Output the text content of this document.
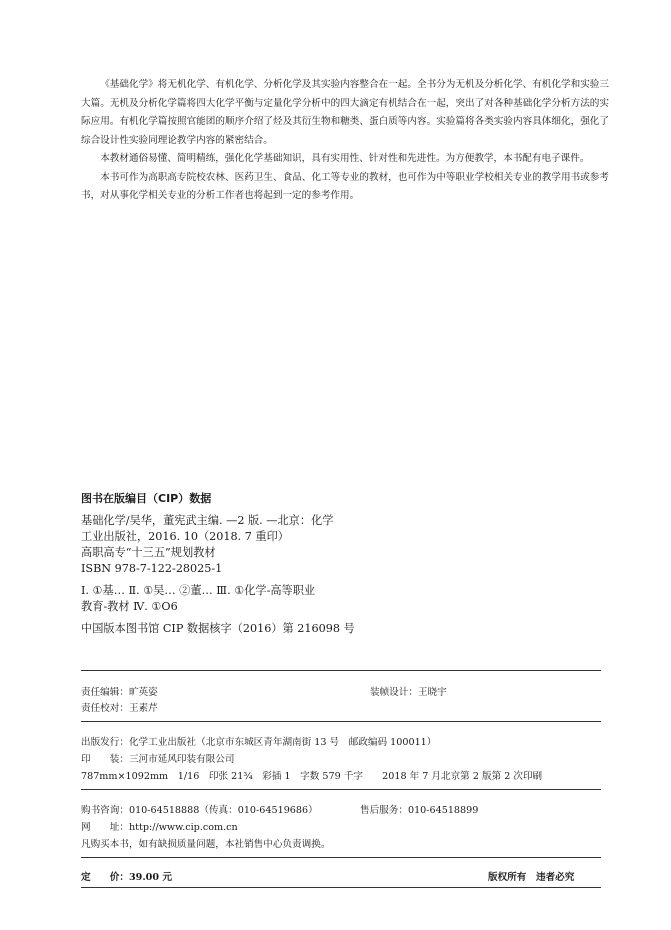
《基础化学》将无机化学、有机化学、分析化学及其实验内容整合在一起。全书分为无机及分析化学、有机化学和实验三大篇。无机及分析化学篇将四大化学平衡与定量化学分析中的四大滴定有机结合在一起，突出了对各种基础化学分析方法的实际应用。有机化学篇按照官能团的顺序介绍了烃及其衍生物和糖类、蛋白质等内容。实验篇将各类实验内容具体细化，强化了综合设计性实验同理论教学内容的紧密结合。

本教材通俗易懂、简明精练，强化化学基础知识，具有实用性、针对性和先进性。为方便教学，本书配有电子课件。

本书可作为高职高专院校农林、医药卫生、食品、化工等专业的教材，也可作为中等职业学校相关专业的教学用书或参考书，对从事化学相关专业的分析工作者也将起到一定的参考作用。

图书在版编目（CIP）数据
基础化学/吴华，董宪武主编. —2 版. —北京：化学
工业出版社，2016. 10（2018. 7 重印）
高职高专“十三五”规划教材
ISBN 978-7-122-28025-1
Ⅰ. ①基… Ⅱ. ①吴… ②董… Ⅲ. ①化学-高等职业
教育-教材 Ⅳ. ①O6
中国版本图书馆 CIP 数据核字（2016）第 216098 号
责任编辑：旷英姿	装帧设计：王晓宇
责任校对：王素芹
出版发行：化学工业出版社（北京市东城区青年湖南街 13 号　邮政编码 100011）
印　　装：三河市延风印装有限公司
787mm×1092mm　1/16　印张 21¾　彩插 1　字数 579 千字　　2018 年 7 月北京第 2 版第 2 次印刷
购书咨询：010-64518888（传真：010-64519686）	售后服务：010-64518899
网　　址：http://www.cip.com.cn
凡购买本书，如有缺损质量问题，本社销售中心负责调换。
定　　价：39.00 元	版权所有　违者必究
